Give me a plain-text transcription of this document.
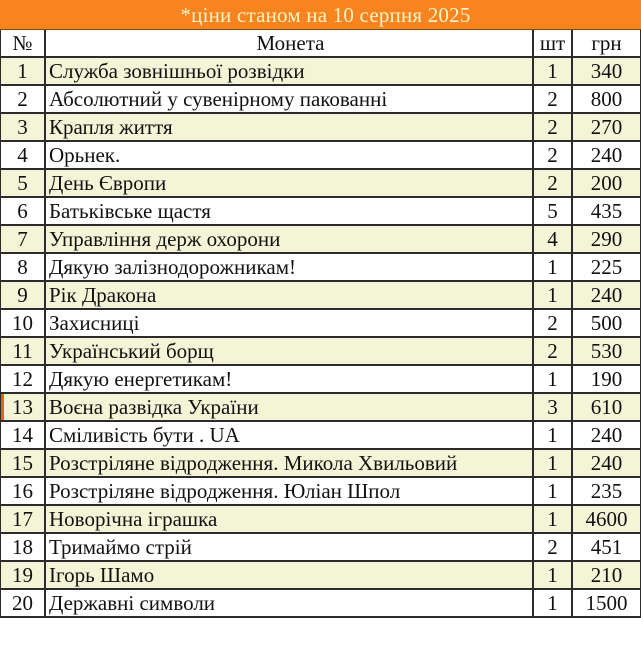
*ціни станом на 10 серпня 2025
№	Монета	шт	грн
1	Служба зовнішньої розвідки	1	340
2	Абсолютний у сувенірному пакованні	2	800
3	Крапля життя	2	270
4	Орьнек.	2	240
5	День Європи	2	200
6	Батьківське щастя	5	435
7	Управління держ охорони	4	290
8	Дякую залізнодорожникам!	1	225
9	Рік Дракона	1	240
10	Захисниці	2	500
11	Український борщ	2	530
12	Дякую енергетикам!	1	190
13	Воєна развідка України	3	610
14	Сміливість бути . UA	1	240
15	Розстріляне відродження. Микола Хвильовий	1	240
16	Розстріляне відродження. Юліан Шпол	1	235
17	Новорічна іграшка	1	4600
18	Тримаймо стрій	2	451
19	Ігорь Шамо	1	210
20	Державні символи	1	1500
